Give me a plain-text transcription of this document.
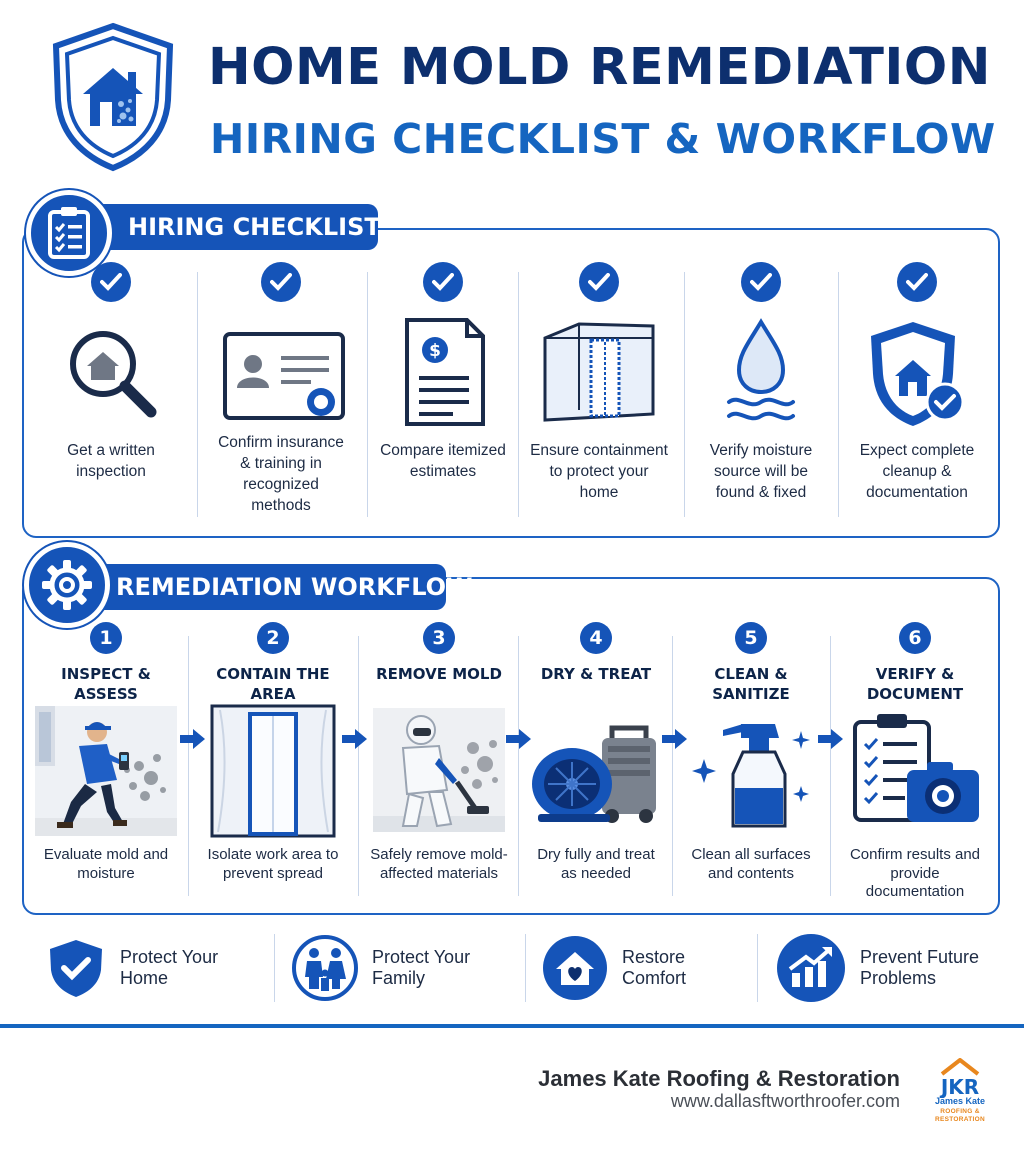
HOME MOLD REMEDIATION
HIRING CHECKLIST & WORKFLOW
HIRING CHECKLIST
Get a written inspection
Confirm insurance & training in recognized methods
$
Compare itemized estimates
Ensure containment to protect your home
Verify moisture source will be found & fixed
Expect complete cleanup & documentation
REMEDIATION WORKFLOW
1
INSPECT & ASSESS
Evaluate mold and moisture
2
CONTAIN THE AREA
Isolate work area to prevent spread
3
REMOVE MOLD
Safely remove mold-affected materials
4
DRY & TREAT
Dry fully and treat as needed
5
CLEAN & SANITIZE
Clean all surfaces and contents
6
VERIFY & DOCUMENT
Confirm results and provide documentation
Protect Your Home
Protect Your Family
Restore Comfort
Prevent Future Problems
James Kate Roofing & Restoration
www.dallasftworthroofer.com
JKR
James Kate
ROOFING & RESTORATION
